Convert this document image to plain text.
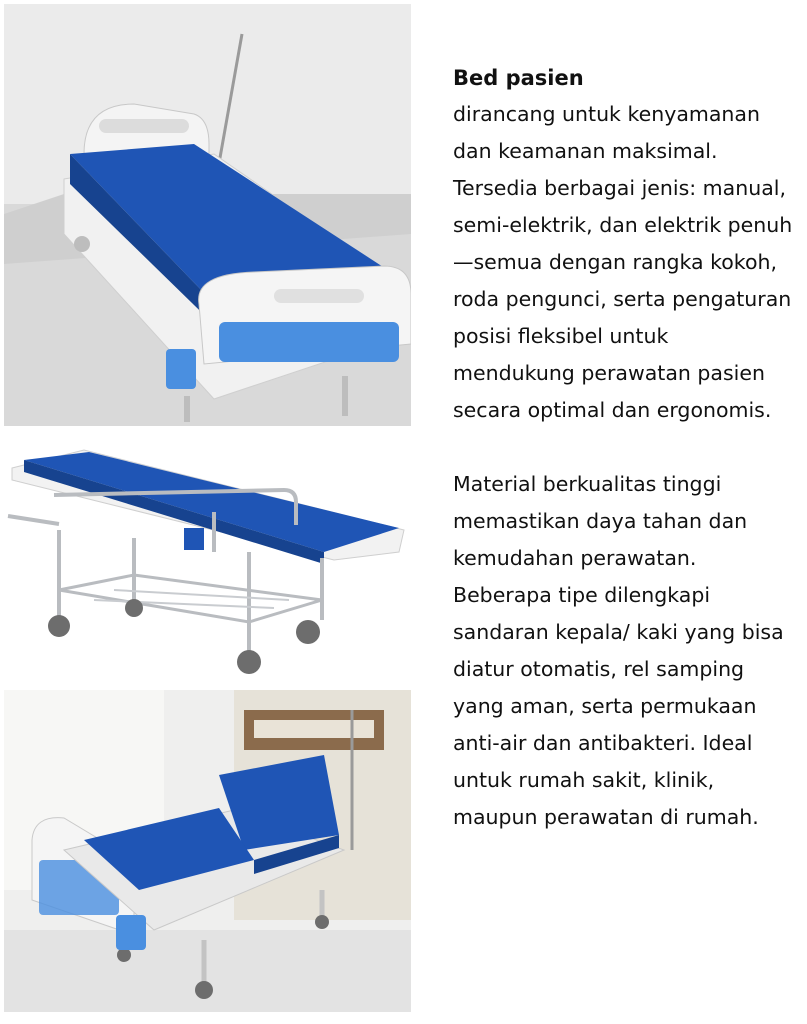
Bed pasien

dirancang untuk kenyamanan dan keamanan maksimal. Tersedia berbagai jenis: manual, semi-elektrik, dan elektrik penuh—semua dengan rangka kokoh, roda pengunci, serta pengaturan posisi fleksibel untuk mendukung perawatan pasien secara optimal dan ergonomis.

Material berkualitas tinggi memastikan daya tahan dan kemudahan perawatan. Beberapa tipe dilengkapi sandaran kepala/ kaki yang bisa diatur otomatis, rel samping yang aman, serta permukaan anti-air dan antibakteri. Ideal untuk rumah sakit, klinik, maupun perawatan di rumah.
